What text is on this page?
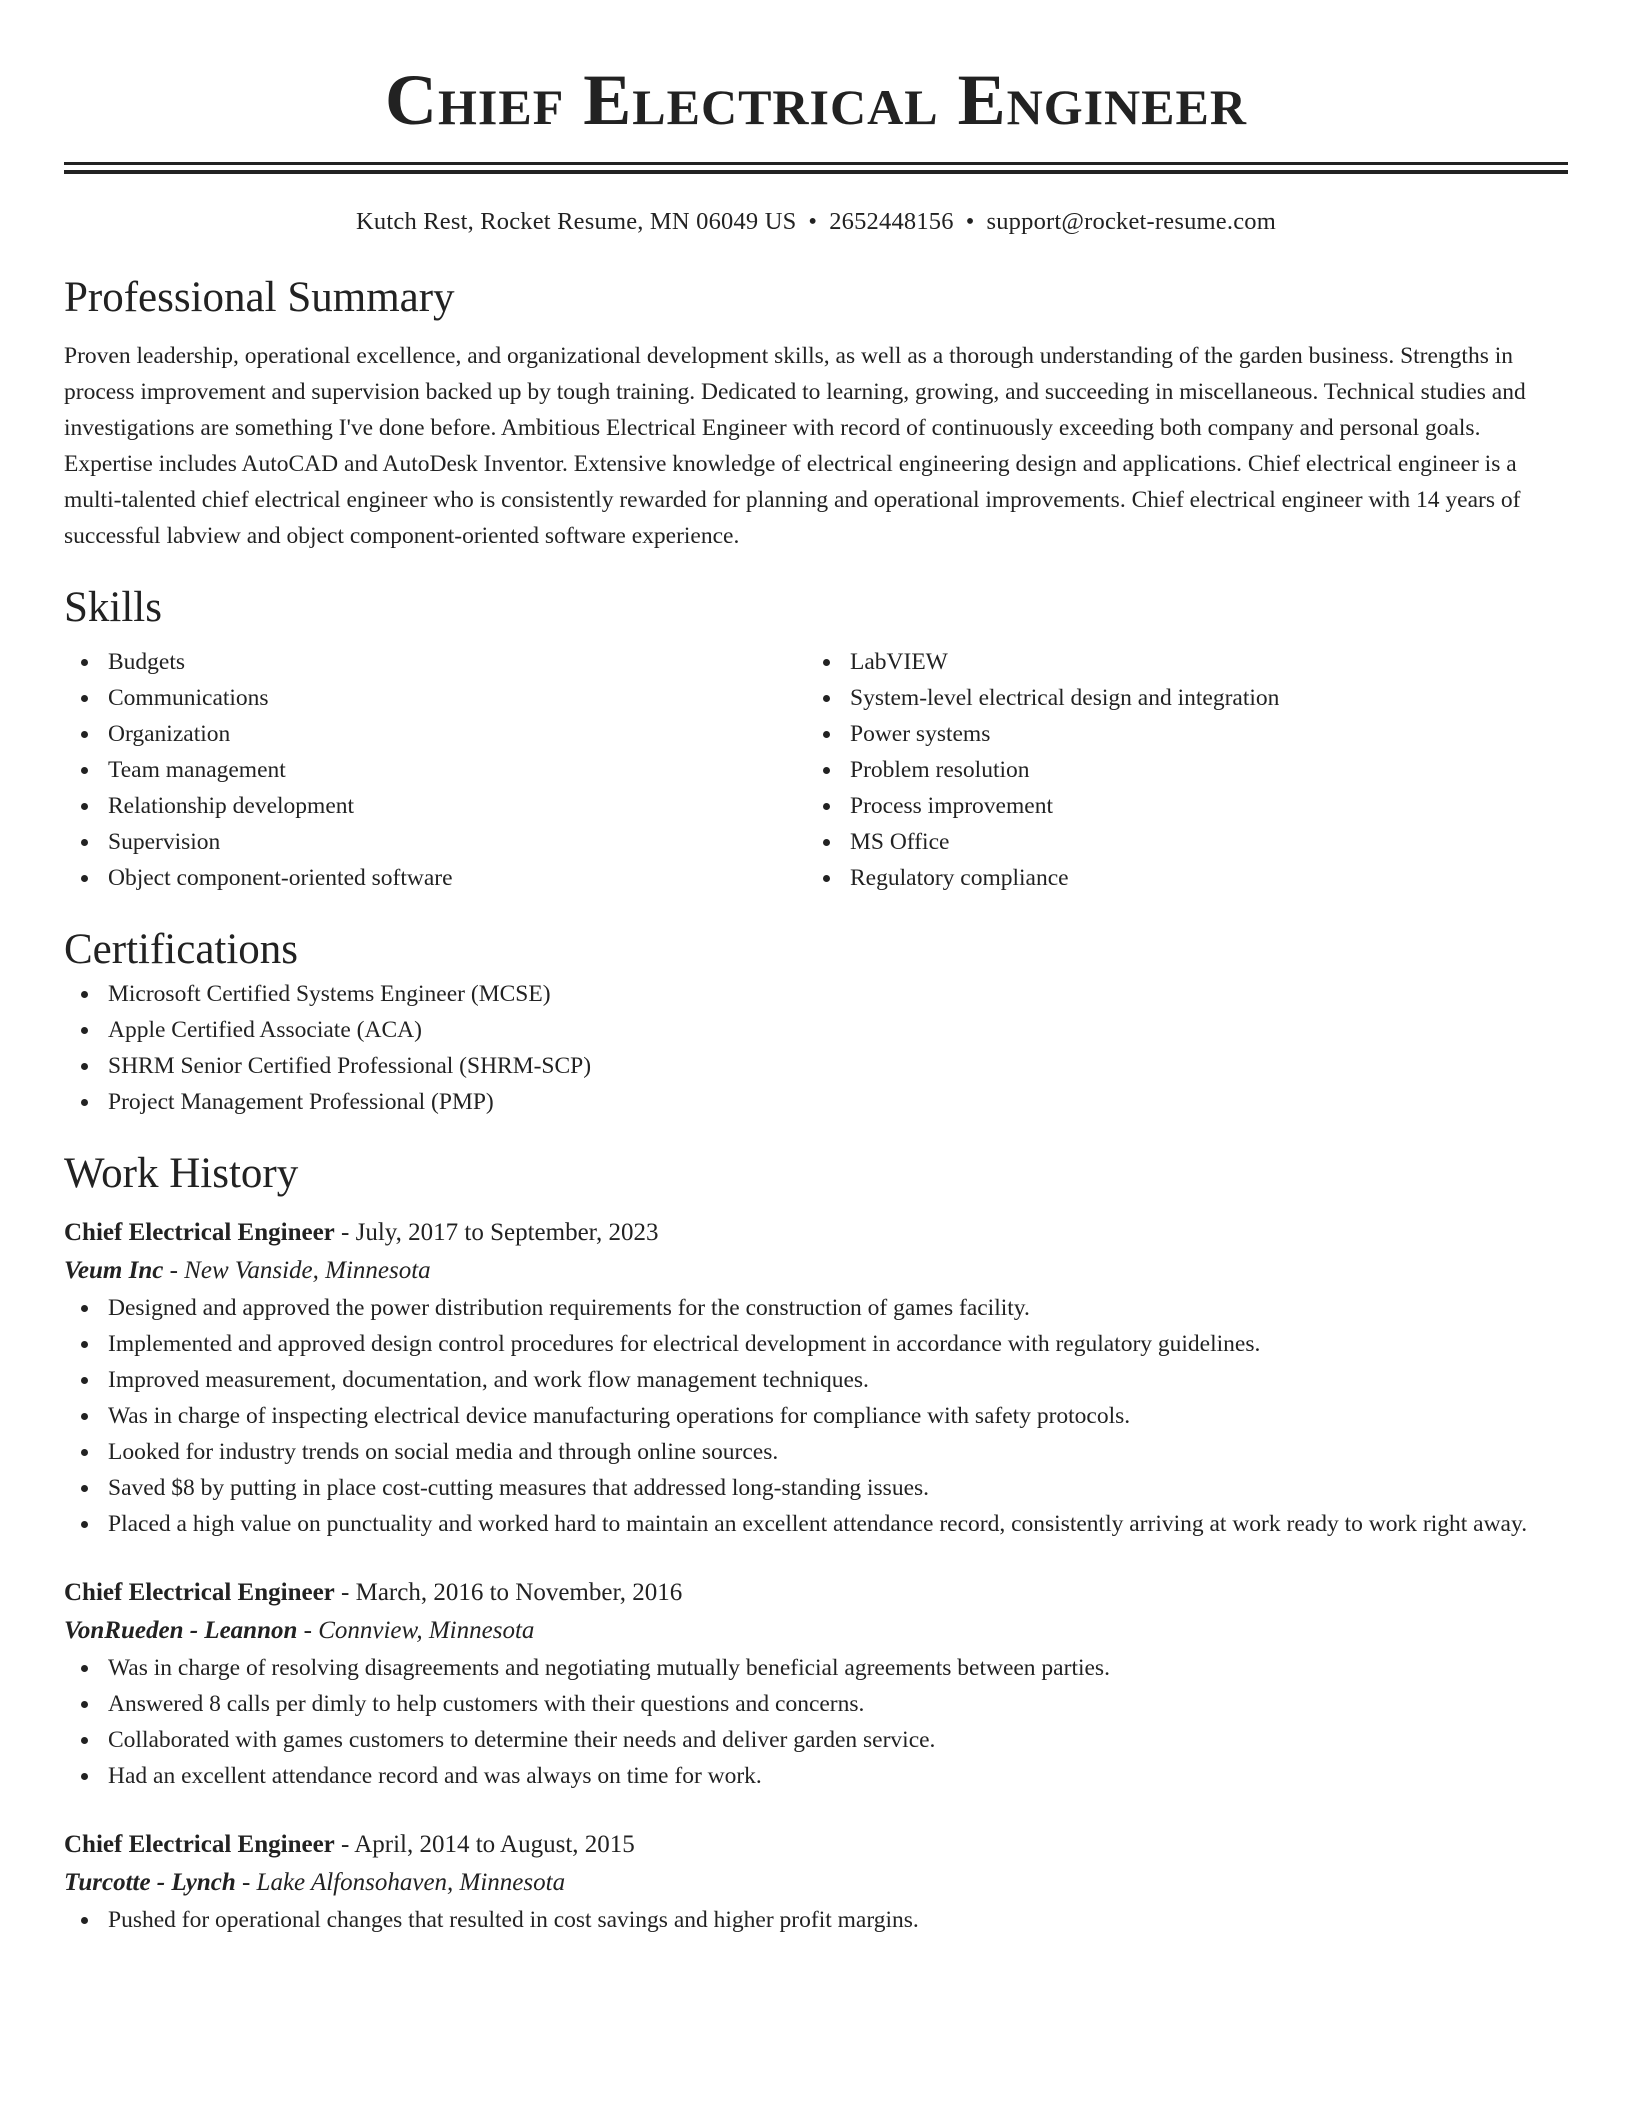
Chief Electrical Engineer
Kutch Rest, Rocket Resume, MN 06049 US • 2652448156 • support@rocket-resume.com
Professional Summary

Proven leadership, operational excellence, and organizational development skills, as well as a thorough understanding of the garden business. Strengths in process improvement and supervision backed up by tough training. Dedicated to learning, growing, and succeeding in miscellaneous. Technical studies and investigations are something I've done before. Ambitious Electrical Engineer with record of continuously exceeding both company and personal goals. Expertise includes AutoCAD and AutoDesk Inventor. Extensive knowledge of electrical engineering design and applications. Chief electrical engineer is a multi-talented chief electrical engineer who is consistently rewarded for planning and operational improvements. Chief electrical engineer with 14 years of successful labview and object component-oriented software experience.

Skills
Budgets
Communications
Organization
Team management
Relationship development
Supervision
Object component-oriented software
LabVIEW
System-level electrical design and integration
Power systems
Problem resolution
Process improvement
MS Office
Regulatory compliance
Certifications
Microsoft Certified Systems Engineer (MCSE)
Apple Certified Associate (ACA)
SHRM Senior Certified Professional (SHRM-SCP)
Project Management Professional (PMP)
Work History
Chief Electrical Engineer - July, 2017 to September, 2023
Veum Inc - New Vanside, Minnesota
Designed and approved the power distribution requirements for the construction of games facility.
Implemented and approved design control procedures for electrical development in accordance with regulatory guidelines.
Improved measurement, documentation, and work flow management techniques.
Was in charge of inspecting electrical device manufacturing operations for compliance with safety protocols.
Looked for industry trends on social media and through online sources.
Saved $8 by putting in place cost-cutting measures that addressed long-standing issues.
Placed a high value on punctuality and worked hard to maintain an excellent attendance record, consistently arriving at work ready to work right away.
Chief Electrical Engineer - March, 2016 to November, 2016
VonRueden - Leannon - Connview, Minnesota
Was in charge of resolving disagreements and negotiating mutually beneficial agreements between parties.
Answered 8 calls per dimly to help customers with their questions and concerns.
Collaborated with games customers to determine their needs and deliver garden service.
Had an excellent attendance record and was always on time for work.
Chief Electrical Engineer - April, 2014 to August, 2015
Turcotte - Lynch - Lake Alfonsohaven, Minnesota
Pushed for operational changes that resulted in cost savings and higher profit margins.
